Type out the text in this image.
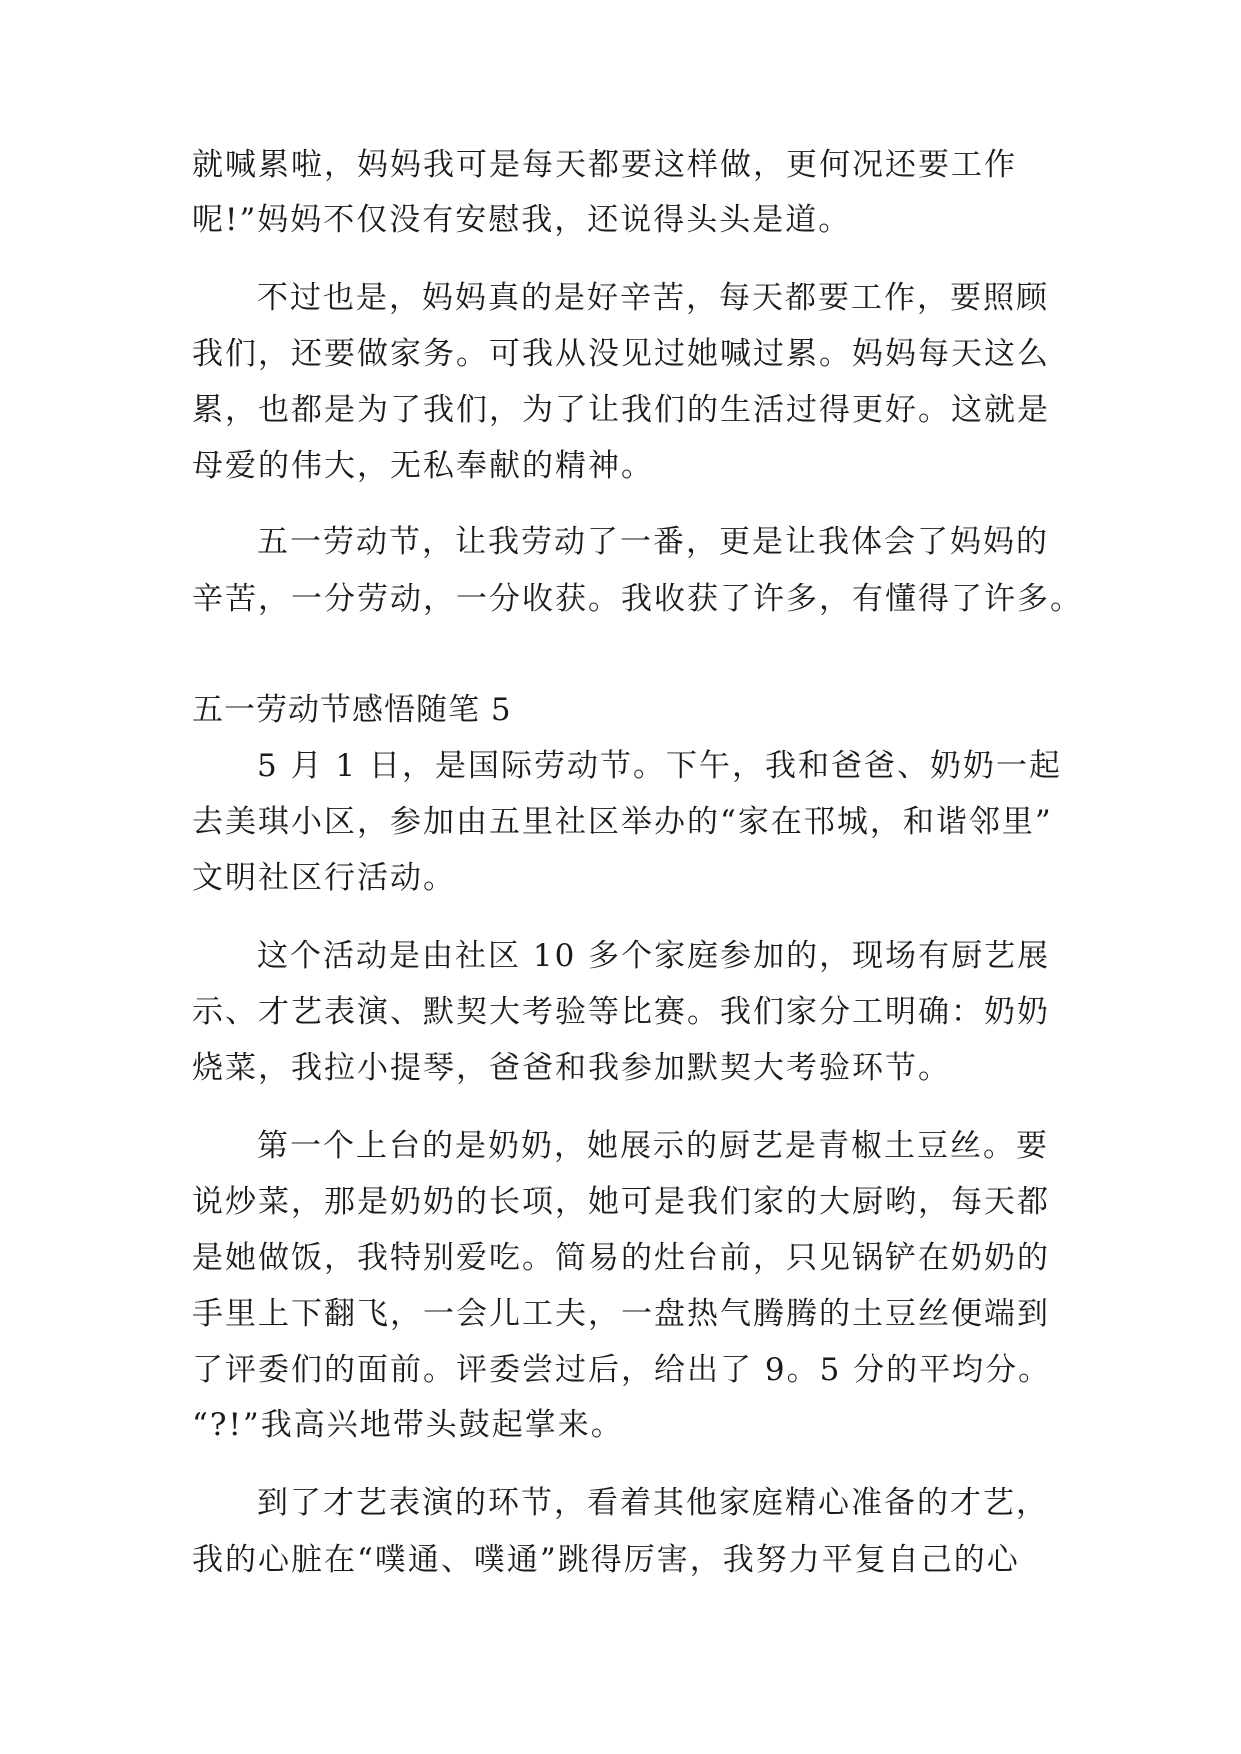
就喊累啦，妈妈我可是每天都要这样做，更何况还要工作
呢!”妈妈不仅没有安慰我，还说得头头是道。
不过也是，妈妈真的是好辛苦，每天都要工作，要照顾
我们，还要做家务。可我从没见过她喊过累。妈妈每天这么
累，也都是为了我们，为了让我们的生活过得更好。这就是
母爱的伟大，无私奉献的精神。
五一劳动节，让我劳动了一番，更是让我体会了妈妈的
辛苦，一分劳动，一分收获。我收获了许多，有懂得了许多。
五一劳动节感悟随笔 5
5 月 1 日，是国际劳动节。下午，我和爸爸、奶奶一起
去美琪小区，参加由五里社区举办的“家在邗城，和谐邻里”
文明社区行活动。
这个活动是由社区 10 多个家庭参加的，现场有厨艺展
示、才艺表演、默契大考验等比赛。我们家分工明确：奶奶
烧菜，我拉小提琴，爸爸和我参加默契大考验环节。
第一个上台的是奶奶，她展示的厨艺是青椒土豆丝。要
说炒菜，那是奶奶的长项，她可是我们家的大厨哟，每天都
是她做饭，我特别爱吃。简易的灶台前，只见锅铲在奶奶的
手里上下翻飞，一会儿工夫，一盘热气腾腾的土豆丝便端到
了评委们的面前。评委尝过后，给出了 9。5 分的平均分。
“?!”我高兴地带头鼓起掌来。
到了才艺表演的环节，看着其他家庭精心准备的才艺，
我的心脏在“噗通、噗通”跳得厉害，我努力平复自己的心
